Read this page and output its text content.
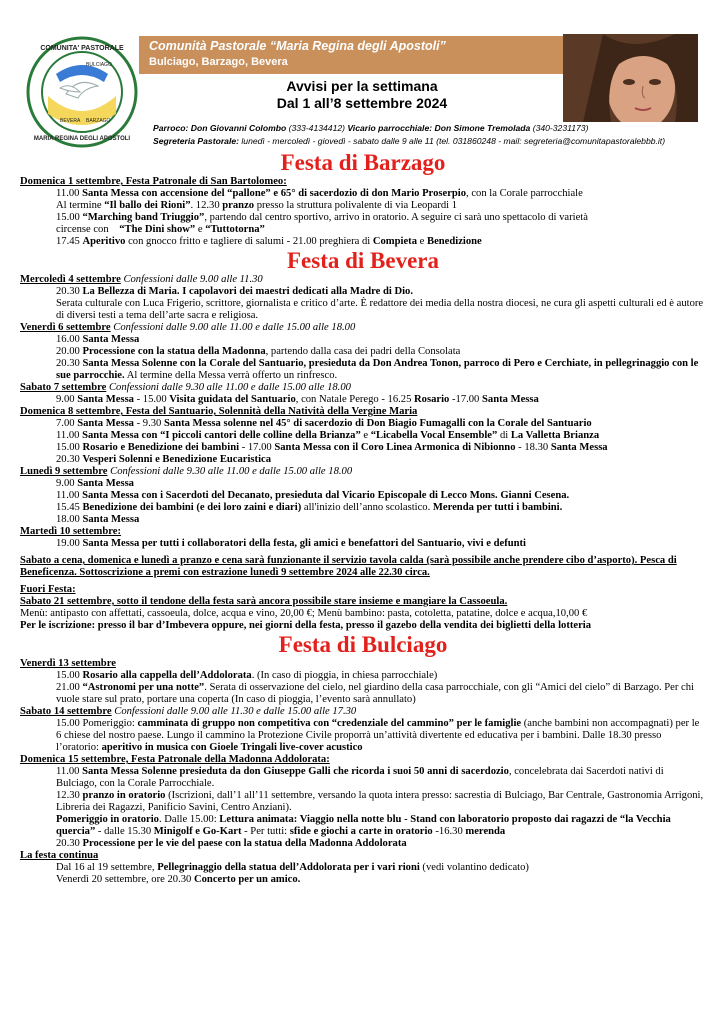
COMUNITA' PASTORALE
BULCIAGO
BEVERA BARZAGO
MARIA REGINA DEGLI APOSTOLI
Comunità Pastorale “Maria Regina degli Apostoli”
Bulciago, Barzago, Bevera
Avvisi per la settimana
Dal 1 all’8 settembre 2024
Parroco: Don Giovanni Colombo (333-4134412) Vicario parrocchiale: Don Simone Tremolada (340-3231173)
Segreteria Pastorale: lunedì - mercoledì - giovedì - sabato dalle 9 alle 11 (tel. 031860248 - mail: segreteria@comunitapastoralebbb.it)
Festa di Barzago
Domenica 1 settembre, Festa Patronale di San Bartolomeo:
11.00 Santa Messa con accensione del “pallone” e 65° di sacerdozio di don Mario Proserpio, con la Corale parrocchiale
Al termine “Il ballo dei Rioni”. 12.30 pranzo presso la struttura polivalente di via Leopardi 1
15.00 “Marching band Triuggio”, partendo dal centro sportivo, arrivo in oratorio. A seguire ci sarà uno spettacolo di varietà
circense con    “The Dini show” e “Tuttotorna”
17.45 Aperitivo con gnocco fritto e tagliere di salumi - 21.00 preghiera di Compieta e Benedizione
Festa di Bevera
Mercoledì 4 settembre Confessioni dalle 9.00 alle 11.30
20.30 La Bellezza di Maria. I capolavori dei maestri dedicati alla Madre di Dio.
Serata culturale con Luca Frigerio, scrittore, giornalista e critico d’arte. È redattore dei media della nostra diocesi, ne cura gli aspetti culturali ed è autore di diversi testi a tema dell’arte sacra e religiosa.
Venerdì 6 settembre Confessioni dalle 9.00 alle 11.00 e dalle 15.00 alle 18.00
16.00 Santa Messa
20.00 Processione con la statua della Madonna, partendo dalla casa dei padri della Consolata
20.30 Santa Messa Solenne con la Corale del Santuario, presieduta da Don Andrea Tonon, parroco di Pero e Cerchiate, in pellegrinaggio con le sue parrocchie. Al termine della Messa verrà offerto un rinfresco.
Sabato 7 settembre Confessioni dalle 9.30 alle 11.00 e dalle 15.00 alle 18.00
9.00 Santa Messa - 15.00 Visita guidata del Santuario, con Natale Perego - 16.25 Rosario -17.00 Santa Messa
Domenica 8 settembre, Festa del Santuario, Solennità della Natività della Vergine Maria
7.00 Santa Messa - 9.30 Santa Messa solenne nel 45° di sacerdozio di Don Biagio Fumagalli con la Corale del Santuario
11.00 Santa Messa con “I piccoli cantori delle colline della Brianza” e “Licabella Vocal Ensemble” di La Valletta Brianza
15.00 Rosario e Benedizione dei bambini - 17.00 Santa Messa con il Coro Linea Armonica di Nibionno - 18.30 Santa Messa
20.30 Vesperi Solenni e Benedizione Eucaristica
Lunedì 9 settembre Confessioni dalle 9.30 alle 11.00 e dalle 15.00 alle 18.00
9.00 Santa Messa
11.00 Santa Messa con i Sacerdoti del Decanato, presieduta dal Vicario Episcopale di Lecco Mons. Gianni Cesena.
15.45 Benedizione dei bambini (e dei loro zaini e diari) all'inizio dell’anno scolastico. Merenda per tutti i bambini.
18.00 Santa Messa
Martedì 10 settembre:
19.00 Santa Messa per tutti i collaboratori della festa, gli amici e benefattori del Santuario, vivi e defunti
Sabato a cena, domenica e lunedì a pranzo e cena sarà funzionante il servizio tavola calda (sarà possibile anche prendere cibo d’asporto). Pesca di Beneficenza. Sottoscrizione a premi con estrazione lunedì 9 settembre 2024 alle 22.30 circa.
Fuori Festa:
Sabato 21 settembre, sotto il tendone della festa sarà ancora possibile stare insieme e mangiare la Cassoeula.
Menù: antipasto con affettati, cassoeula, dolce, acqua e vino, 20,00 €; Menù bambino: pasta, cotoletta, patatine, dolce e acqua,10,00 €
Per le iscrizione: presso il bar d’Imbevera oppure, nei giorni della festa, presso il gazebo della vendita dei biglietti della lotteria
Festa di Bulciago
Venerdì 13 settembre
15.00 Rosario alla cappella dell’Addolorata. (In caso di pioggia, in chiesa parrocchiale)
21.00 “Astronomi per una notte”. Serata di osservazione del cielo, nel giardino della casa parrocchiale, con gli “Amici del cielo” di Barzago. Per chi vuole stare sul prato, portare una coperta (In caso di pioggia, l’evento sarà annullato)
Sabato 14 settembre Confessioni dalle 9.00 alle 11.30 e dalle 15.00 alle 17.30
15.00 Pomeriggio: camminata di gruppo non competitiva con “credenziale del cammino” per le famiglie (anche bambini non accompagnati) per le 6 chiese del nostro paese. Lungo il cammino la Protezione Civile proporrà un’attività divertente ed educativa per i bambini. Dalle 18.30 presso l’oratorio: aperitivo in musica con Gioele Tringali live-cover acustico
Domenica 15 settembre, Festa Patronale della Madonna Addolorata:
11.00 Santa Messa Solenne presieduta da don Giuseppe Galli che ricorda i suoi 50 anni di sacerdozio, concelebrata dai Sacerdoti nativi di Bulciago, con la Corale Parrocchiale.
12.30 pranzo in oratorio (Iscrizioni, dall’1 all’11 settembre, versando la quota intera presso: sacrestia di Bulciago, Bar Centrale, Gastronomia Arrigoni, Libreria dei Ragazzi, Panificio Savini, Centro Anziani).
Pomeriggio in oratorio. Dalle 15.00: Lettura animata: Viaggio nella notte blu - Stand con laboratorio proposto dai ragazzi de “la Vecchia quercia” - dalle 15.30 Minigolf e Go-Kart - Per tutti: sfide e giochi a carte in oratorio -16.30 merenda
20.30 Processione per le vie del paese con la statua della Madonna Addolorata
La festa continua
Dal 16 al 19 settembre, Pellegrinaggio della statua dell’Addolorata per i vari rioni (vedi volantino dedicato)
Venerdì 20 settembre, ore 20.30 Concerto per un amico.
